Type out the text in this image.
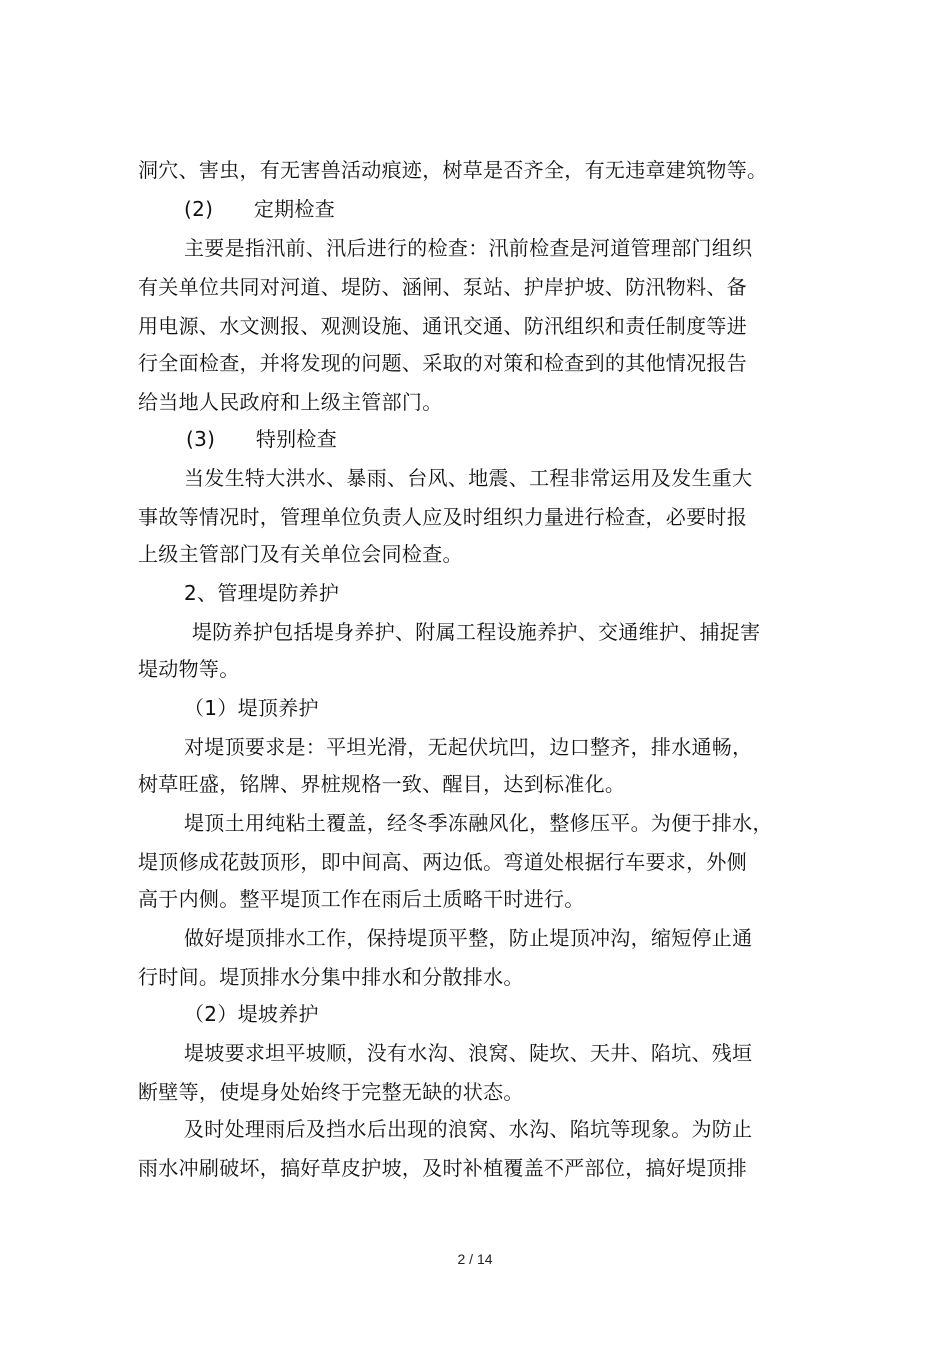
洞穴、害虫，有无害兽活动痕迹，树草是否齐全，有无违章建筑物等。
(2)　　定期检查
主要是指汛前、汛后进行的检查：汛前检查是河道管理部门组织
有关单位共同对河道、堤防、涵闸、泵站、护岸护坡、防汛物料、备
用电源、水文测报、观测设施、通讯交通、防汛组织和责任制度等进
行全面检查，并将发现的问题、采取的对策和检查到的其他情况报告
给当地人民政府和上级主管部门。
(3)　　特别检查
当发生特大洪水、暴雨、台风、地震、工程非常运用及发生重大
事故等情况时，管理单位负责人应及时组织力量进行检查，必要时报
上级主管部门及有关单位会同检查。
2、管理堤防养护
堤防养护包括堤身养护、附属工程设施养护、交通维护、捕捉害
堤动物等。
（1）堤顶养护
对堤顶要求是：平坦光滑，无起伏坑凹，边口整齐，排水通畅，
树草旺盛，铭牌、界桩规格一致、醒目，达到标准化。
堤顶土用纯粘土覆盖，经冬季冻融风化，整修压平。为便于排水，
堤顶修成花鼓顶形，即中间高、两边低。弯道处根据行车要求，外侧
高于内侧。整平堤顶工作在雨后土质略干时进行。
做好堤顶排水工作，保持堤顶平整，防止堤顶冲沟，缩短停止通
行时间。堤顶排水分集中排水和分散排水。
（2）堤坡养护
堤坡要求坦平坡顺，没有水沟、浪窝、陡坎、天井、陷坑、残垣
断壁等，使堤身处始终于完整无缺的状态。
及时处理雨后及挡水后出现的浪窝、水沟、陷坑等现象。为防止
雨水冲刷破坏，搞好草皮护坡，及时补植覆盖不严部位，搞好堤顶排
2 / 14
